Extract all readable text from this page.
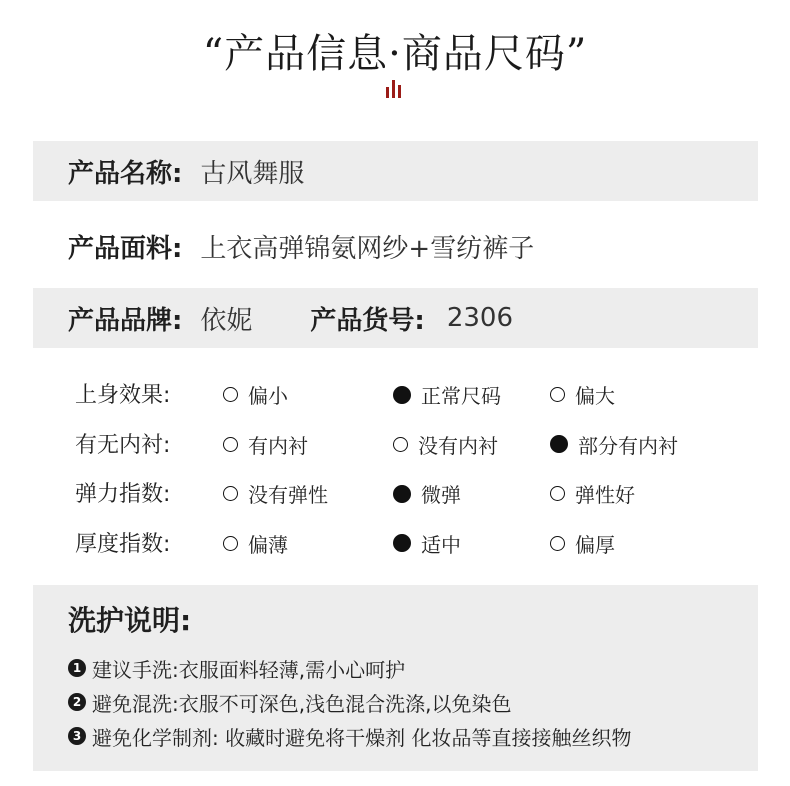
“产品信息·商品尺码”
产品名称: 古风舞服
产品面料: 上衣高弹锦氨网纱+雪纺裤子
产品品牌: 依妮	产品货号: 2306
上身效果:	偏小	正常尺码	偏大
有无内衬:	有内衬	没有内衬	部分有内衬
弹力指数:	没有弹性	微弹	弹性好
厚度指数:	偏薄	适中	偏厚
洗护说明:
1 建议手洗:衣服面料轻薄,需小心呵护
2 避免混洗:衣服不可深色,浅色混合洗涤,以免染色
3 避免化学制剂: 收藏时避免将干燥剂 化妆品等直接接触丝织物
